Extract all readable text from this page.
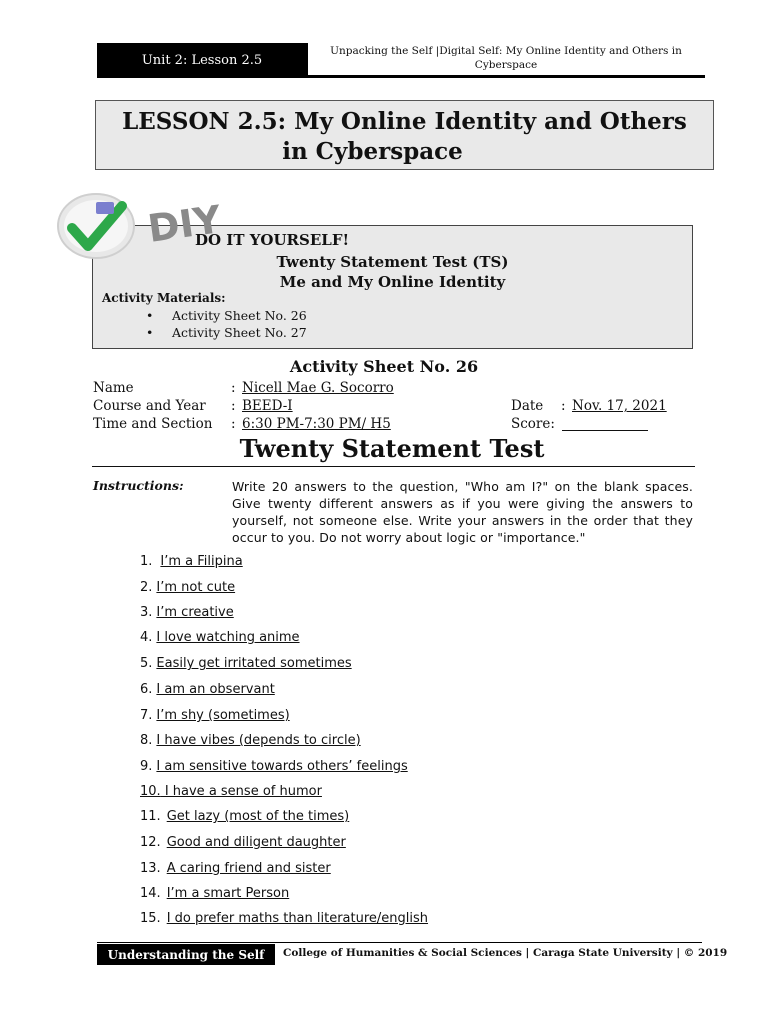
Unit 2: Lesson 2.5
Unpacking the Self |Digital Self: My Online Identity and Others in
Cyberspace
LESSON 2.5: My Online Identity and Others
in Cyberspace
DIY
DO IT YOURSELF!
Twenty Statement Test (TS)
Me and My Online Identity
Activity Materials:
• Activity Sheet No. 26
• Activity Sheet No. 27
Activity Sheet No. 26
Name	: Nicell Mae G. Socorro
Course and Year : BEED-I
Time and Section : 6:30 PM-7:30 PM/ H5
Date : Nov. 17, 2021
Score:
Twenty Statement Test
Instructions:	Write 20 answers to the question, "Who am I?" on the blank spaces. Give twenty different answers as if you were giving the answers to yourself, not someone else. Write your answers in the order that they occur to you. Do not worry about logic or "importance."
1. I’m a Filipina
2. I’m not cute
3. I’m creative
4. I love watching anime
5. Easily get irritated sometimes
6. I am an observant
7. I’m shy (sometimes)
8. I have vibes (depends to circle)
9. I am sensitive towards others’ feelings
10. I have a sense of humor
11. Get lazy (most of the times)
12. Good and diligent daughter
13. A caring friend and sister
14. I’m a smart Person
15. I do prefer maths than literature/english
Understanding the Self	College of Humanities & Social Sciences | Caraga State University | © 2019
